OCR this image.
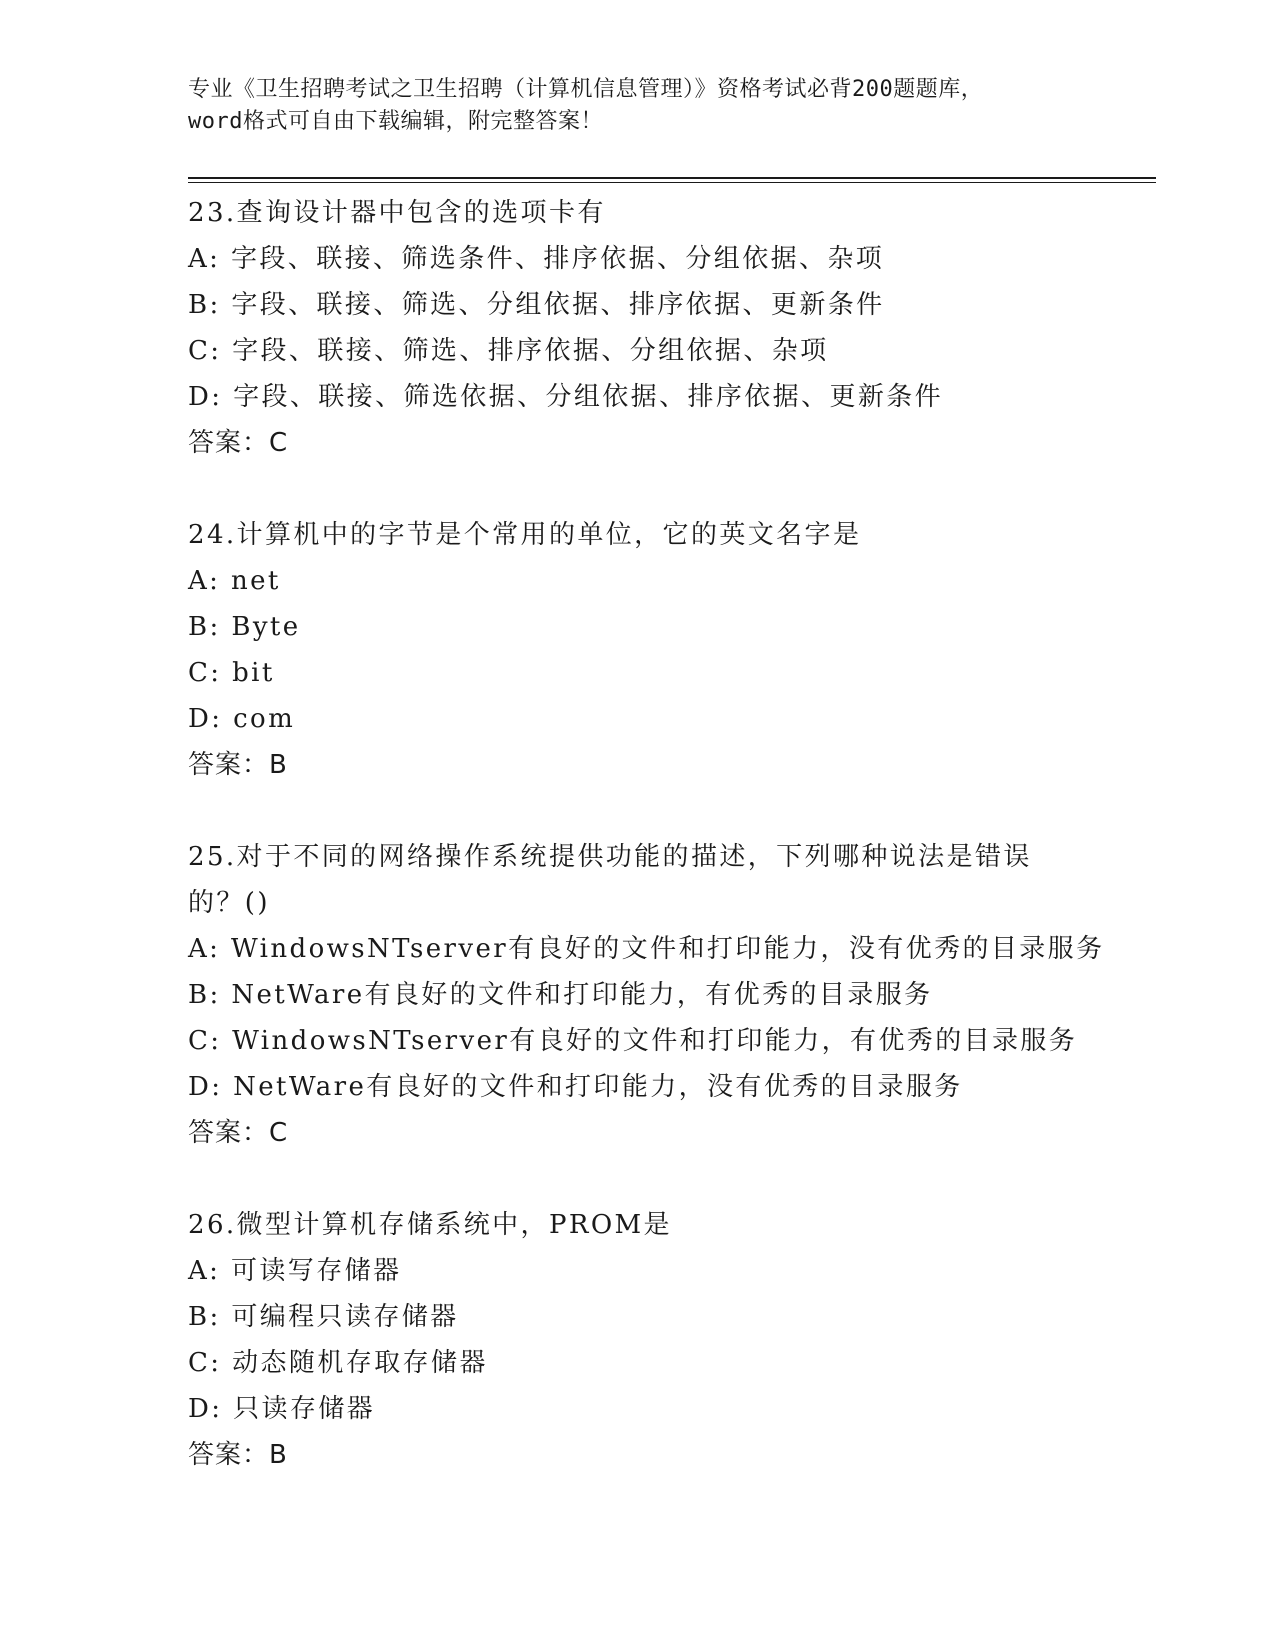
专业《卫生招聘考试之卫生招聘（计算机信息管理）》资格考试必背200题题库，
word格式可自由下载编辑，附完整答案！
23.查询设计器中包含的选项卡有
A: 字段、联接、筛选条件、排序依据、分组依据、杂项
B: 字段、联接、筛选、分组依据、排序依据、更新条件
C: 字段、联接、筛选、排序依据、分组依据、杂项
D: 字段、联接、筛选依据、分组依据、排序依据、更新条件
答案：C
24.计算机中的字节是个常用的单位，它的英文名字是
A: net
B: Byte
C: bit
D: com
答案：B
25.对于不同的网络操作系统提供功能的描述，下列哪种说法是错误的？()
A: WindowsNTserver有良好的文件和打印能力，没有优秀的目录服务
B: NetWare有良好的文件和打印能力，有优秀的目录服务
C: WindowsNTserver有良好的文件和打印能力，有优秀的目录服务
D: NetWare有良好的文件和打印能力，没有优秀的目录服务
答案：C
26.微型计算机存储系统中，PROM是
A: 可读写存储器
B: 可编程只读存储器
C: 动态随机存取存储器
D: 只读存储器
答案：B
